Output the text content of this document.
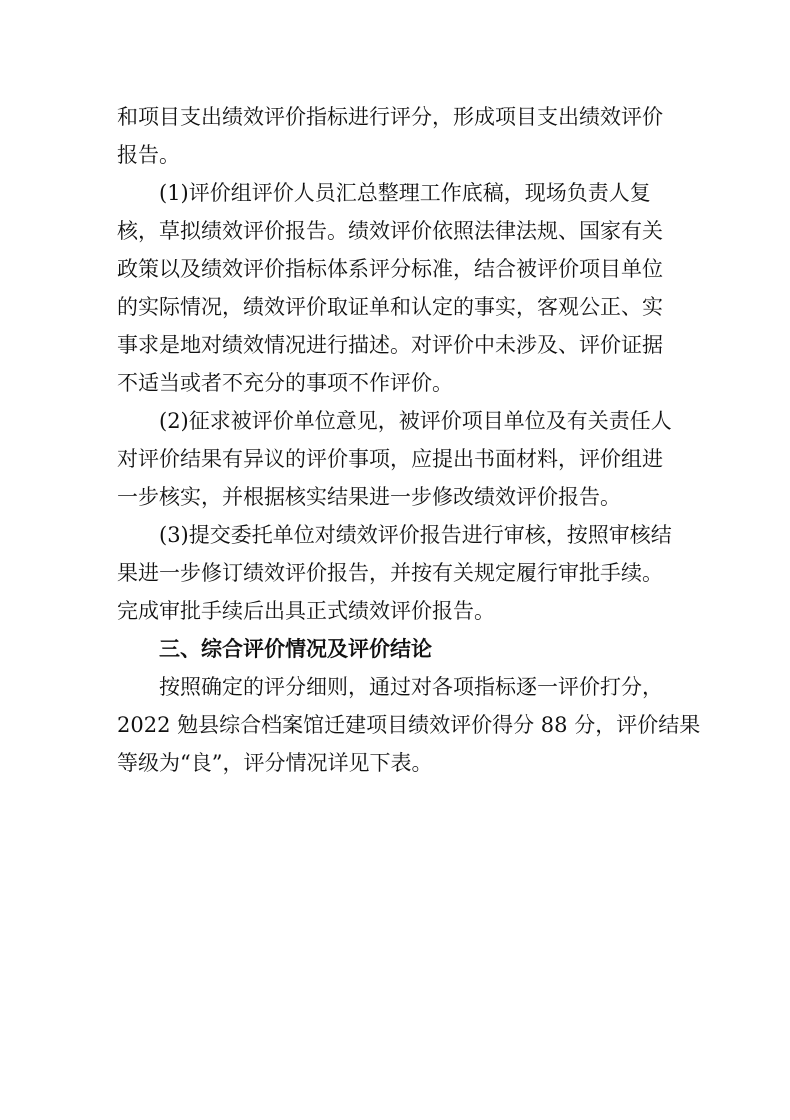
和项目支出绩效评价指标进行评分，形成项目支出绩效评价
报告。
(1)评价组评价人员汇总整理工作底稿，现场负责人复
核，草拟绩效评价报告。绩效评价依照法律法规、国家有关
政策以及绩效评价指标体系评分标准，结合被评价项目单位
的实际情况，绩效评价取证单和认定的事实，客观公正、实
事求是地对绩效情况进行描述。对评价中未涉及、评价证据
不适当或者不充分的事项不作评价。
(2)征求被评价单位意见，被评价项目单位及有关责任人
对评价结果有异议的评价事项，应提出书面材料，评价组进
一步核实，并根据核实结果进一步修改绩效评价报告。
(3)提交委托单位对绩效评价报告进行审核，按照审核结
果进一步修订绩效评价报告，并按有关规定履行审批手续。
完成审批手续后出具正式绩效评价报告。
三、综合评价情况及评价结论
按照确定的评分细则，通过对各项指标逐一评价打分，
2022 勉县综合档案馆迁建项目绩效评价得分 88 分，评价结果
等级为“良”，评分情况详见下表。
